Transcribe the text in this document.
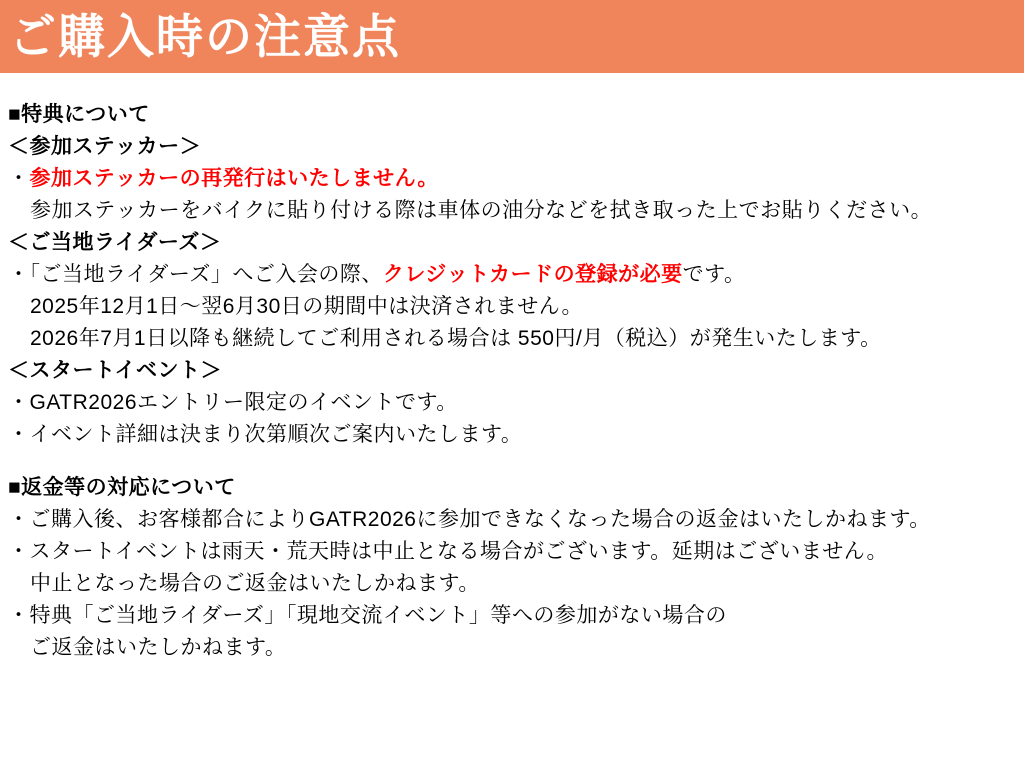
ご購入時の注意点
■特典について
＜参加ステッカー＞
・参加ステッカーの再発行はいたしません。
参加ステッカーをバイクに貼り付ける際は車体の油分などを拭き取った上でお貼りください。
＜ご当地ライダーズ＞
・「ご当地ライダーズ」へご入会の際、クレジットカードの登録が必要です。
2025年12月1日～翌6月30日の期間中は決済されません。
2026年7月1日以降も継続してご利用される場合は 550円/月（税込）が発生いたします。
＜スタートイベント＞
・GATR2026エントリー限定のイベントです。
・イベント詳細は決まり次第順次ご案内いたします。
■返金等の対応について
・ご購入後、お客様都合によりGATR2026に参加できなくなった場合の返金はいたしかねます。
・スタートイベントは雨天・荒天時は中止となる場合がございます。延期はございません。
中止となった場合のご返金はいたしかねます。
・特典「ご当地ライダーズ」「現地交流イベント」等への参加がない場合の
ご返金はいたしかねます。
